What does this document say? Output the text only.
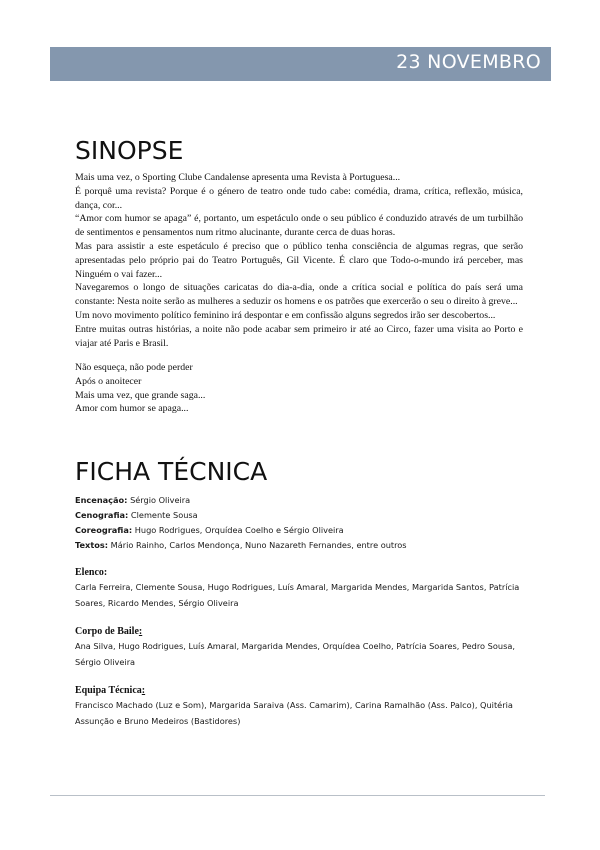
23 NOVEMBRO
SINOPSE

Mais uma vez, o Sporting Clube Candalense apresenta uma Revista à Portuguesa...

É porquê uma revista? Porque é o género de teatro onde tudo cabe: comédia, drama, crítica, reflexão, música, dança, cor...

“Amor com humor se apaga” é, portanto, um espetáculo onde o seu público é conduzido através de um turbilhão de sentimentos e pensamentos num ritmo alucinante, durante cerca de duas horas.

Mas para assistir a este espetáculo é preciso que o público tenha consciência de algumas regras, que serão apresentadas pelo próprio pai do Teatro Português, Gil Vicente. É claro que Todo-o-mundo irá perceber, mas Ninguém o vai fazer...

Navegaremos o longo de situações caricatas do dia-a-dia, onde a crítica social e política do país será uma constante: Nesta noite serão as mulheres a seduzir os homens e os patrões que exercerão o seu o direito à greve...

Um novo movimento político feminino irá despontar e em confissão alguns segredos irão ser descobertos...

Entre muitas outras histórias, a noite não pode acabar sem primeiro ir até ao Circo, fazer uma visita ao Porto e viajar até Paris e Brasil.

Não esqueça, não pode perder
Após o anoitecer
Mais uma vez, que grande saga...
Amor com humor se apaga...
FICHA TÉCNICA
Encenação: Sérgio Oliveira
Cenografia: Clemente Sousa
Coreografia: Hugo Rodrigues, Orquídea Coelho e Sérgio Oliveira
Textos: Mário Rainho, Carlos Mendonça, Nuno Nazareth Fernandes, entre outros
Elenco:
Carla Ferreira, Clemente Sousa, Hugo Rodrigues, Luís Amaral, Margarida Mendes, Margarida Santos, Patrícia Soares, Ricardo Mendes, Sérgio Oliveira
Corpo de Baile:
Ana Silva, Hugo Rodrigues, Luís Amaral, Margarida Mendes, Orquídea Coelho, Patrícia Soares, Pedro Sousa, Sérgio Oliveira
Equipa Técnica:
Francisco Machado (Luz e Som), Margarida Saraiva (Ass. Camarim), Carina Ramalhão (Ass. Palco), Quitéria Assunção e Bruno Medeiros (Bastidores)
